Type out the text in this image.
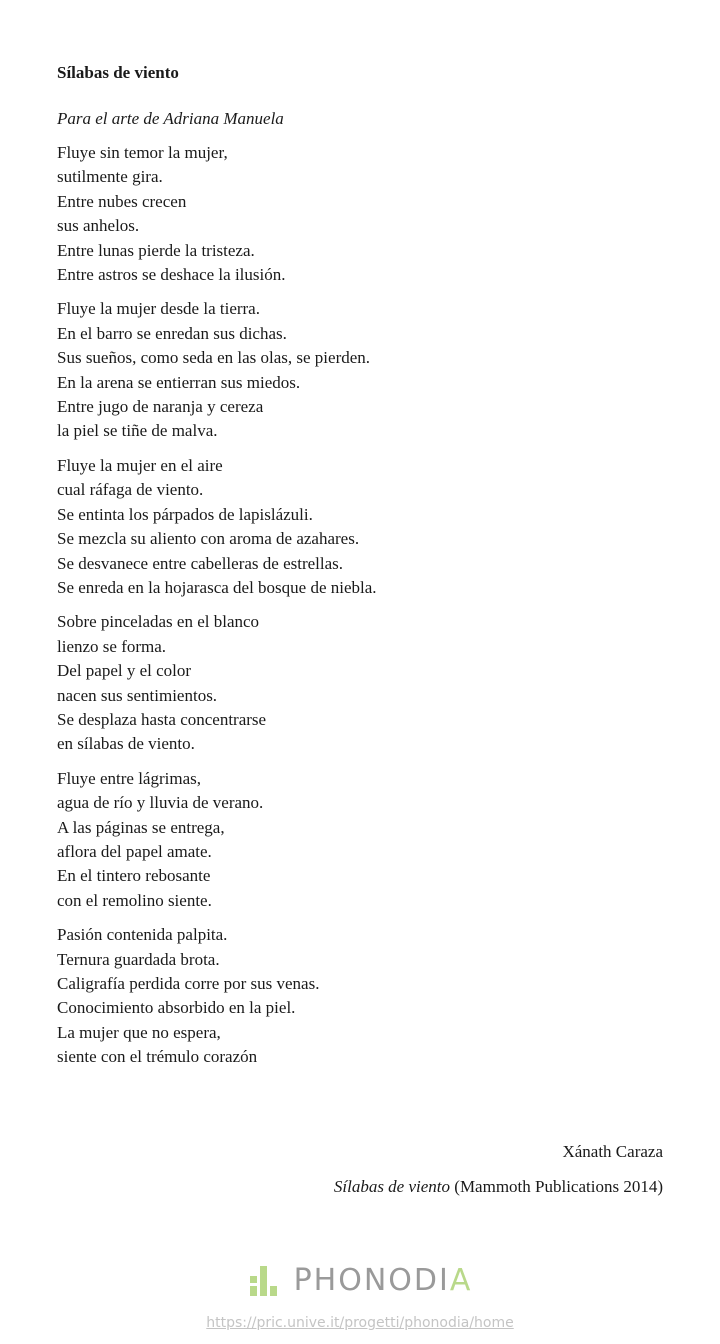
Sílabas de viento
Para el arte de Adriana Manuela
Fluye sin temor la mujer,
sutilmente gira.
Entre nubes crecen
sus anhelos.
Entre lunas pierde la tristeza.
Entre astros se deshace la ilusión.
Fluye la mujer desde la tierra.
En el barro se enredan sus dichas.
Sus sueños, como seda en las olas, se pierden.
En la arena se entierran sus miedos.
Entre jugo de naranja y cereza
la piel se tiñe de malva.
Fluye la mujer en el aire
cual ráfaga de viento.
Se entinta los párpados de lapislázuli.
Se mezcla su aliento con aroma de azahares.
Se desvanece entre cabelleras de estrellas.
Se enreda en la hojarasca del bosque de niebla.
Sobre pinceladas en el blanco
lienzo se forma.
Del papel y el color
nacen sus sentimientos.
Se desplaza hasta concentrarse
en sílabas de viento.
Fluye entre lágrimas,
agua de río y lluvia de verano.
A las páginas se entrega,
aflora del papel amate.
En el tintero rebosante
con el remolino siente.
Pasión contenida palpita.
Ternura guardada brota.
Caligrafía perdida corre por sus venas.
Conocimiento absorbido en la piel.
La mujer que no espera,
siente con el trémulo corazón
Xánath Caraza
Sílabas de viento (Mammoth Publications 2014)
PHONODIA
https://pric.unive.it/progetti/phonodia/home
